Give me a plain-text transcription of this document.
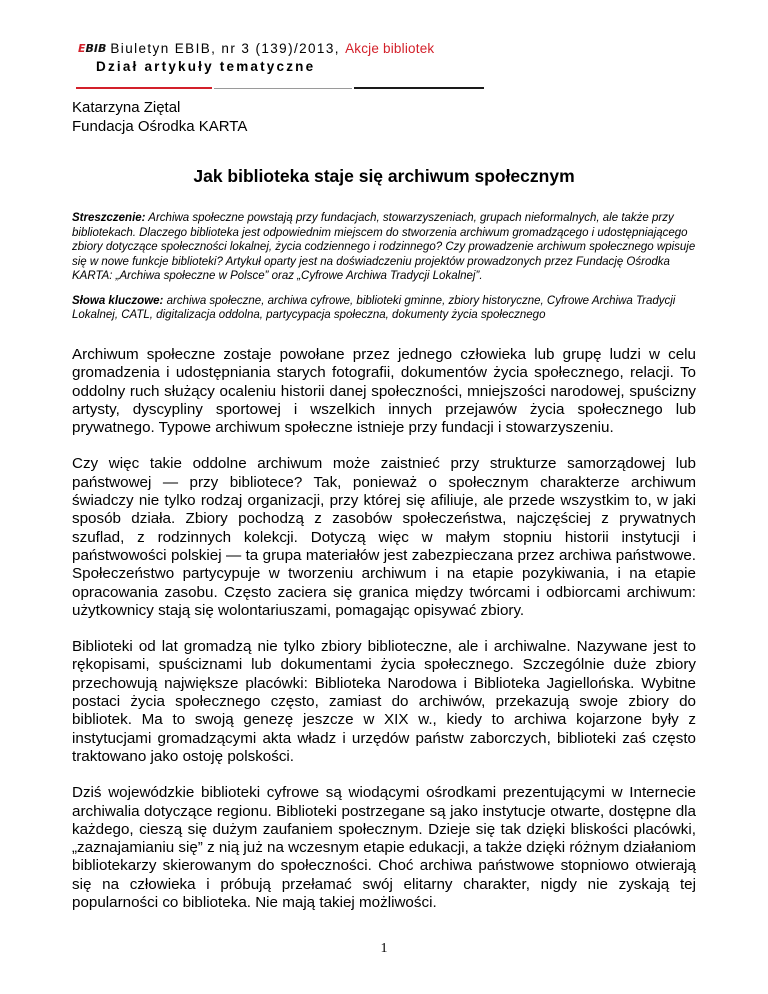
EBIB Biuletyn EBIB, nr 3 (139)/2013, Akcje bibliotek
Dział artykuły tematyczne
Katarzyna Ziętal
Fundacja Ośrodka KARTA
Jak biblioteka staje się archiwum społecznym

Streszczenie: Archiwa społeczne powstają przy fundacjach, stowarzyszeniach, grupach nieformalnych, ale także przy bibliotekach. Dlaczego biblioteka jest odpowiednim miejscem do stworzenia archiwum gromadzącego i udostępniającego zbiory dotyczące społeczności lokalnej, życia codziennego i rodzinnego? Czy prowadzenie archiwum społecznego wpisuje się w nowe funkcje biblioteki? Artykuł oparty jest na doświadczeniu projektów prowadzonych przez Fundację Ośrodka KARTA: „Archiwa społeczne w Polsce” oraz „Cyfrowe Archiwa Tradycji Lokalnej”.

Słowa kluczowe: archiwa społeczne, archiwa cyfrowe, biblioteki gminne, zbiory historyczne, Cyfrowe Archiwa Tradycji Lokalnej, CATL, digitalizacja oddolna, partycypacja społeczna, dokumenty życia społecznego

Archiwum społeczne zostaje powołane przez jednego człowieka lub grupę ludzi w celu gromadzenia i udostępniania starych fotografii, dokumentów życia społecznego, relacji. To oddolny ruch służący ocaleniu historii danej społeczności, mniejszości narodowej, spuścizny artysty, dyscypliny sportowej i wszelkich innych przejawów życia społecznego lub prywatnego. Typowe archiwum społeczne istnieje przy fundacji i stowarzyszeniu.

Czy więc takie oddolne archiwum może zaistnieć przy strukturze samorządowej lub państwowej — przy bibliotece? Tak, ponieważ o społecznym charakterze archiwum świadczy nie tylko rodzaj organizacji, przy której się afiliuje, ale przede wszystkim to, w jaki sposób działa. Zbiory pochodzą z zasobów społeczeństwa, najczęściej z prywatnych szuflad, z rodzinnych kolekcji. Dotyczą więc w małym stopniu historii instytucji i państwowości polskiej — ta grupa materiałów jest zabezpieczana przez archiwa państwowe. Społeczeństwo partycypuje w tworzeniu archiwum i na etapie pozykiwania, i na etapie opracowania zasobu. Często zaciera się granica między twórcami i odbiorcami archiwum: użytkownicy stają się wolontariuszami, pomagając opisywać zbiory.

Biblioteki od lat gromadzą nie tylko zbiory biblioteczne, ale i archiwalne. Nazywane jest to rękopisami, spuściznami lub dokumentami życia społecznego. Szczególnie duże zbiory przechowują największe placówki: Biblioteka Narodowa i Biblioteka Jagiellońska. Wybitne postaci życia społecznego często, zamiast do archiwów, przekazują swoje zbiory do bibliotek. Ma to swoją genezę jeszcze w XIX w., kiedy to archiwa kojarzone były z instytucjami gromadzącymi akta władz i urzędów państw zaborczych, biblioteki zaś często traktowano jako ostoję polskości.

Dziś wojewódzkie biblioteki cyfrowe są wiodącymi ośrodkami prezentującymi w Internecie archiwalia dotyczące regionu. Biblioteki postrzegane są jako instytucje otwarte, dostępne dla każdego, cieszą się dużym zaufaniem społecznym. Dzieje się tak dzięki bliskości placówki, „zaznajamianiu się” z nią już na wczesnym etapie edukacji, a także dzięki różnym działaniom bibliotekarzy skierowanym do społeczności. Choć archiwa państwowe stopniowo otwierają się na człowieka i próbują przełamać swój elitarny charakter, nigdy nie zyskają tej popularności co biblioteka. Nie mają takiej możliwości.

1
